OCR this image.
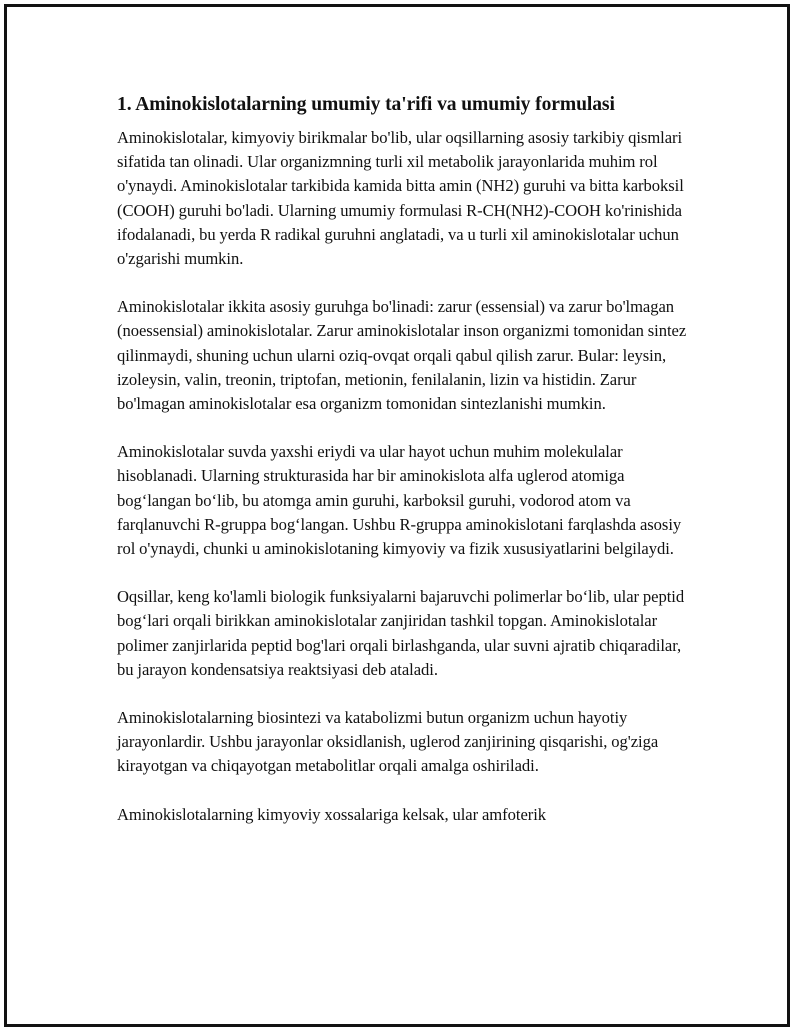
1. Aminokislotalarning umumiy ta'rifi va umumiy formulasi

Aminokislotalar, kimyoviy birikmalar bo'lib, ular oqsillarning asosiy tarkibiy qismlari sifatida tan olinadi. Ular organizmning turli xil metabolik jarayonlarida muhim rol o'ynaydi. Aminokislotalar tarkibida kamida bitta amin (NH2) guruhi va bitta karboksil (COOH) guruhi bo'ladi. Ularning umumiy formulasi R-CH(NH2)-COOH ko'rinishida ifodalanadi, bu yerda R radikal guruhni anglatadi, va u turli xil aminokislotalar uchun o'zgarishi mumkin.

Aminokislotalar ikkita asosiy guruhga bo'linadi: zarur (essensial) va zarur bo'lmagan (noessensial) aminokislotalar. Zarur aminokislotalar inson organizmi tomonidan sintez qilinmaydi, shuning uchun ularni oziq-ovqat orqali qabul qilish zarur. Bular: leysin, izoleysin, valin, treonin, triptofan, metionin, fenilalanin, lizin va histidin. Zarur bo'lmagan aminokislotalar esa organizm tomonidan sintezlanishi mumkin.

Aminokislotalar suvda yaxshi eriydi va ular hayot uchun muhim molekulalar hisoblanadi. Ularning strukturasida har bir aminokislota alfa uglerod atomiga bog‘langan bo‘lib, bu atomga amin guruhi, karboksil guruhi, vodorod atom va farqlanuvchi R-gruppa bog‘langan. Ushbu R-gruppa aminokislotani farqlashda asosiy rol o'ynaydi, chunki u aminokislotaning kimyoviy va fizik xususiyatlarini belgilaydi.

Oqsillar, keng ko'lamli biologik funksiyalarni bajaruvchi polimerlar bo‘lib, ular peptid bog‘lari orqali birikkan aminokislotalar zanjiridan tashkil topgan. Aminokislotalar polimer zanjirlarida peptid bog'lari orqali birlashganda, ular suvni ajratib chiqaradilar, bu jarayon kondensatsiya reaktsiyasi deb ataladi.

Aminokislotalarning biosintezi va katabolizmi butun organizm uchun hayotiy jarayonlardir. Ushbu jarayonlar oksidlanish, uglerod zanjirining qisqarishi, og'ziga kirayotgan va chiqayotgan metabolitlar orqali amalga oshiriladi.

Aminokislotalarning kimyoviy xossalariga kelsak, ular amfoterik
